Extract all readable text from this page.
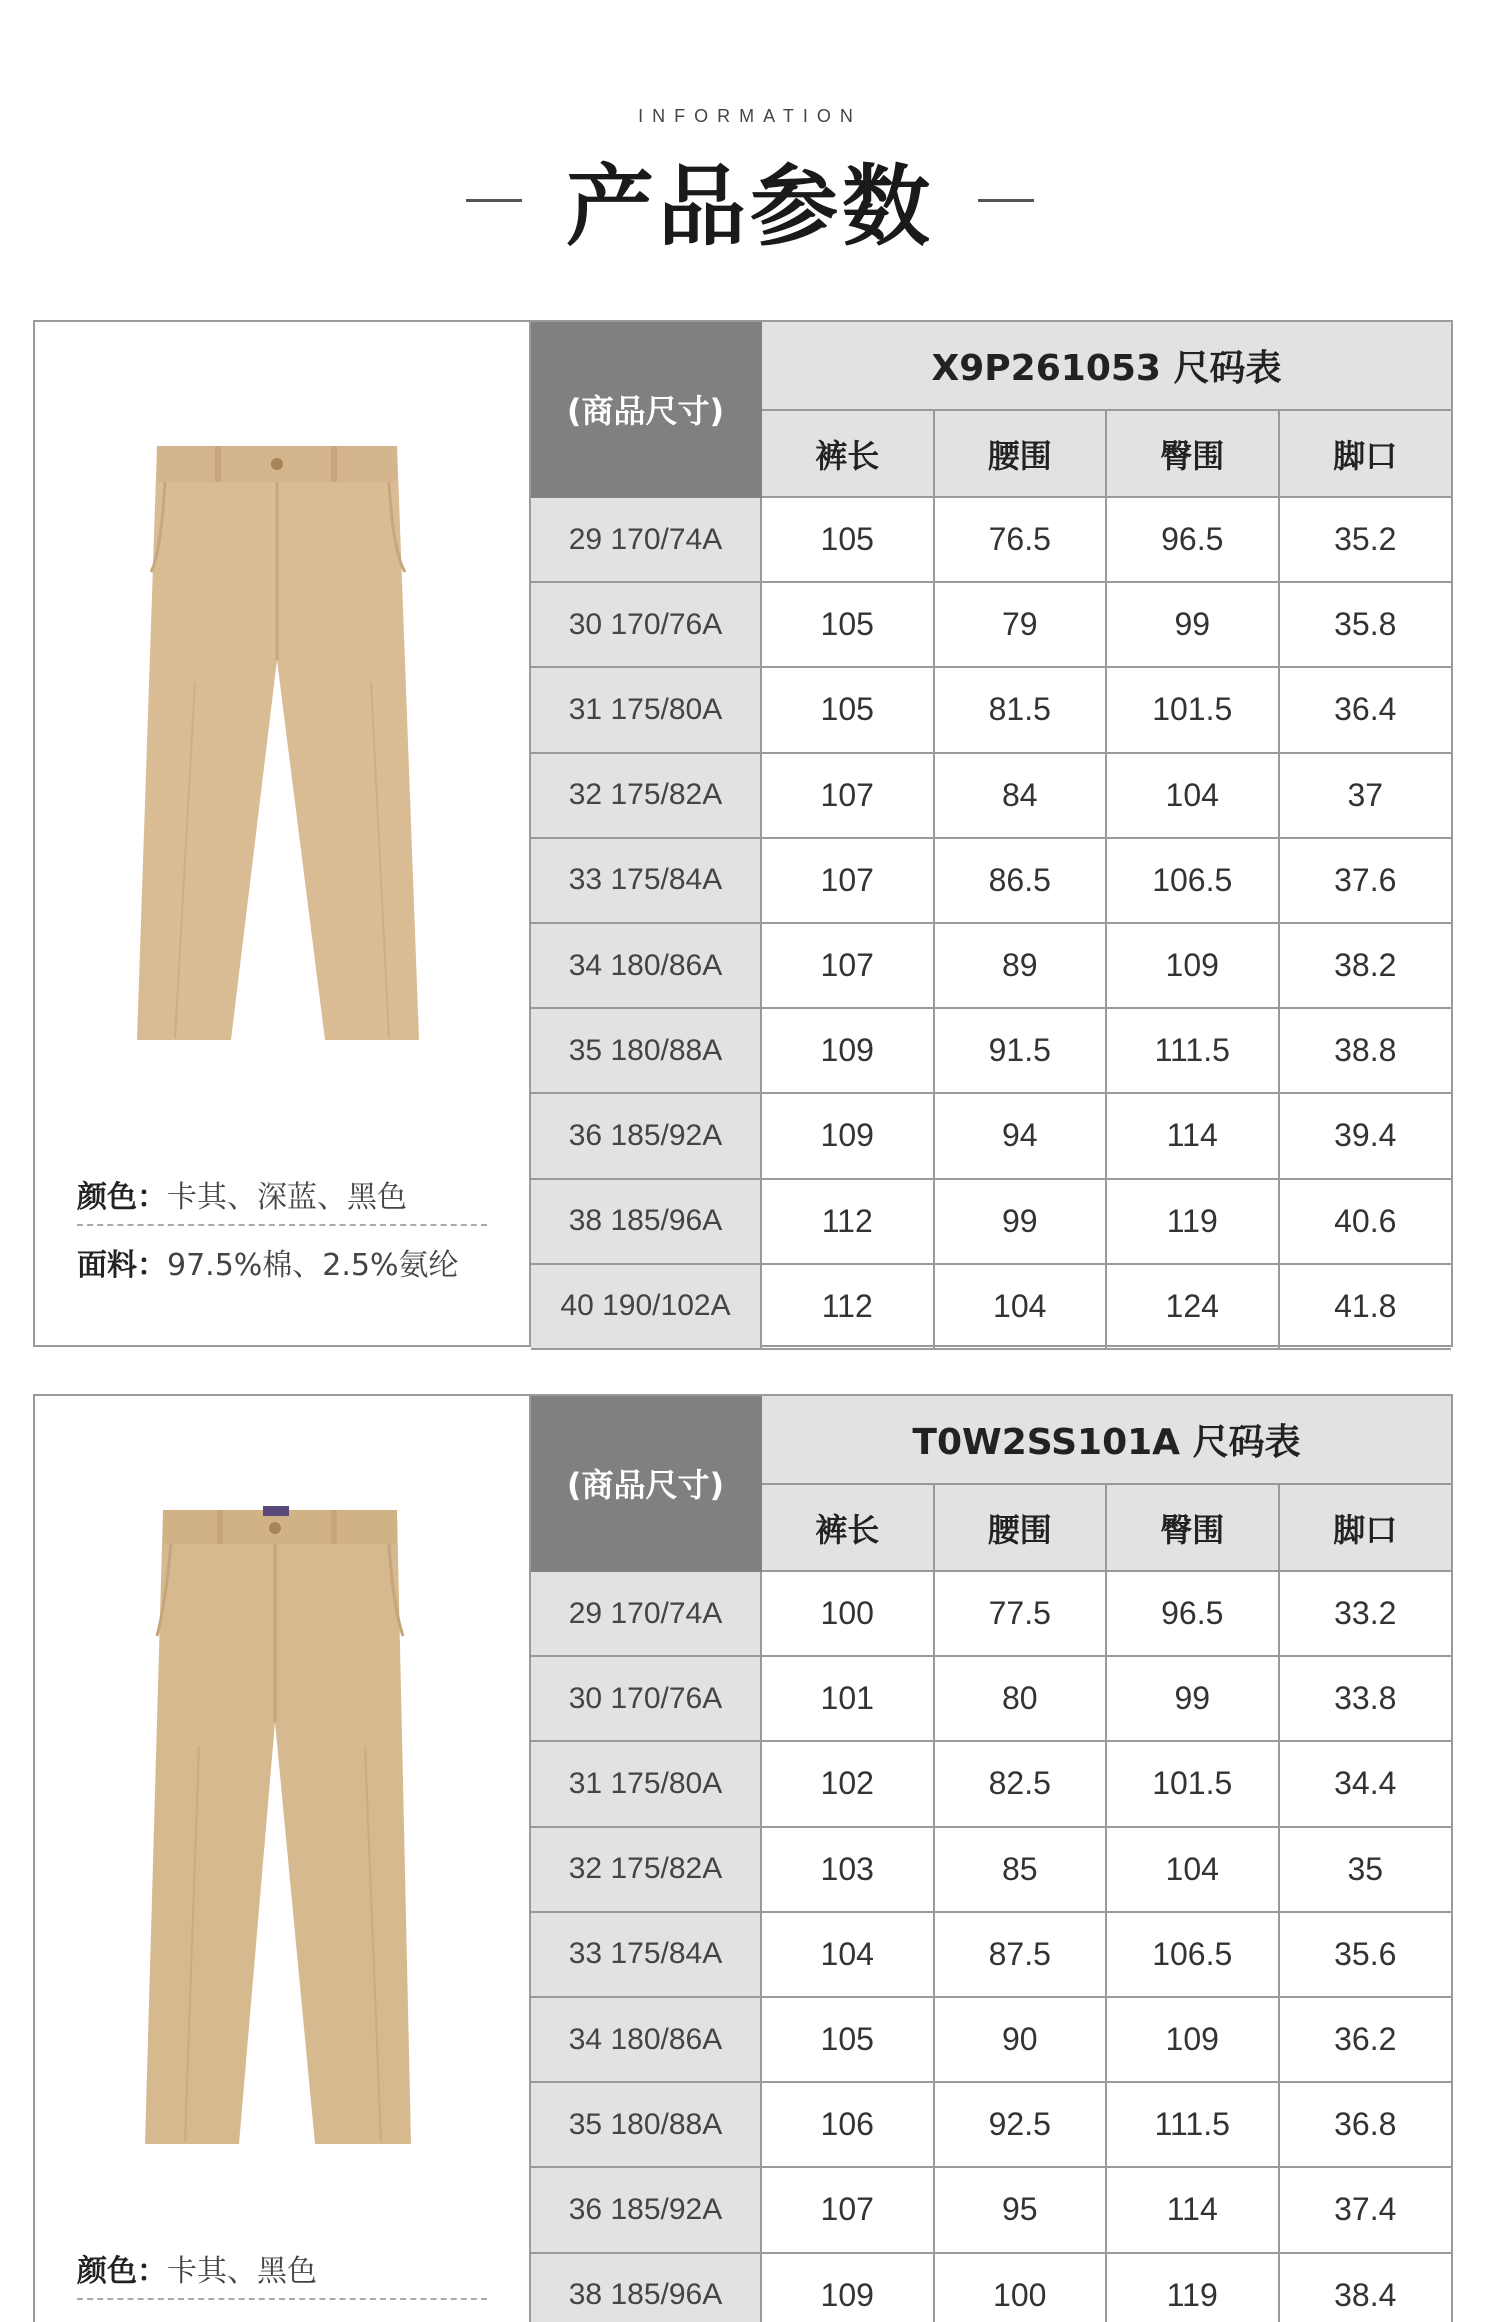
INFORMATION
产品参数
颜色：卡其、深蓝、黑色
面料：97.5%棉、2.5%氨纶
(商品尺寸)	X9P261053 尺码表			
	裤长	腰围	臀围	脚口
29 170/74A	105	76.5	96.5	35.2
30 170/76A	105	79	99	35.8
31 175/80A	105	81.5	101.5	36.4
32 175/82A	107	84	104	37
33 175/84A	107	86.5	106.5	37.6
34 180/86A	107	89	109	38.2
35 180/88A	109	91.5	111.5	38.8
36 185/92A	109	94	114	39.4
38 185/96A	112	99	119	40.6
40 190/102A	112	104	124	41.8
颜色：卡其、黑色
(商品尺寸)	T0W2SS101A 尺码表			
	裤长	腰围	臀围	脚口
29 170/74A	100	77.5	96.5	33.2
30 170/76A	101	80	99	33.8
31 175/80A	102	82.5	101.5	34.4
32 175/82A	103	85	104	35
33 175/84A	104	87.5	106.5	35.6
34 180/86A	105	90	109	36.2
35 180/88A	106	92.5	111.5	36.8
36 185/92A	107	95	114	37.4
38 185/96A	109	100	119	38.4
